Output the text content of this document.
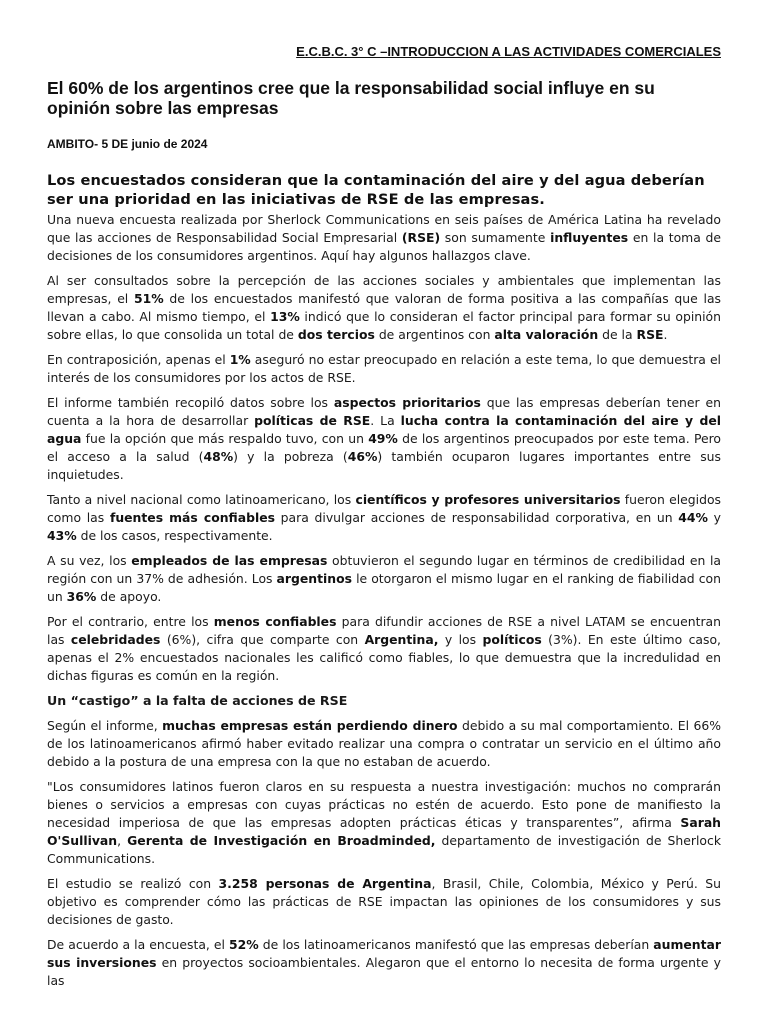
E.C.B.C. 3° C –INTRODUCCION A LAS ACTIVIDADES COMERCIALES
El 60% de los argentinos cree que la responsabilidad social influye en su opinión sobre las empresas
AMBITO- 5 DE junio de 2024
Los encuestados consideran que la contaminación del aire y del agua deberían ser una prioridad en las iniciativas de RSE de las empresas.

Una nueva encuesta realizada por Sherlock Communications en seis países de América Latina ha revelado que las acciones de Responsabilidad Social Empresarial (RSE) son sumamente influyentes en la toma de decisiones de los consumidores argentinos. Aquí hay algunos hallazgos clave.

Al ser consultados sobre la percepción de las acciones sociales y ambientales que implementan las empresas, el 51% de los encuestados manifestó que valoran de forma positiva a las compañías que las llevan a cabo. Al mismo tiempo, el 13% indicó que lo consideran el factor principal para formar su opinión sobre ellas, lo que consolida un total de dos tercios de argentinos con alta valoración de la RSE.

En contraposición, apenas el 1% aseguró no estar preocupado en relación a este tema, lo que demuestra el interés de los consumidores por los actos de RSE.

El informe también recopiló datos sobre los aspectos prioritarios que las empresas deberían tener en cuenta a la hora de desarrollar políticas de RSE. La lucha contra la contaminación del aire y del agua fue la opción que más respaldo tuvo, con un 49% de los argentinos preocupados por este tema. Pero el acceso a la salud (48%) y la pobreza (46%) también ocuparon lugares importantes entre sus inquietudes.

Tanto a nivel nacional como latinoamericano, los científicos y profesores universitarios fueron elegidos como las fuentes más confiables para divulgar acciones de responsabilidad corporativa, en un 44% y 43% de los casos, respectivamente.

A su vez, los empleados de las empresas obtuvieron el segundo lugar en términos de credibilidad en la región con un 37% de adhesión. Los argentinos le otorgaron el mismo lugar en el ranking de fiabilidad con un 36% de apoyo.

Por el contrario, entre los menos confiables para difundir acciones de RSE a nivel LATAM se encuentran las celebridades (6%), cifra que comparte con Argentina, y los políticos (3%). En este último caso, apenas el 2% encuestados nacionales les calificó como fiables, lo que demuestra que la incredulidad en dichas figuras es común en la región.

Un “castigo” a la falta de acciones de RSE

Según el informe, muchas empresas están perdiendo dinero debido a su mal comportamiento. El 66% de los latinoamericanos afirmó haber evitado realizar una compra o contratar un servicio en el último año debido a la postura de una empresa con la que no estaban de acuerdo.

"Los consumidores latinos fueron claros en su respuesta a nuestra investigación: muchos no comprarán bienes o servicios a empresas con cuyas prácticas no estén de acuerdo. Esto pone de manifiesto la necesidad imperiosa de que las empresas adopten prácticas éticas y transparentes”, afirma Sarah O'Sullivan, Gerenta de Investigación en Broadminded, departamento de investigación de Sherlock Communications.

El estudio se realizó con 3.258 personas de Argentina, Brasil, Chile, Colombia, México y Perú. Su objetivo es comprender cómo las prácticas de RSE impactan las opiniones de los consumidores y sus decisiones de gasto.

De acuerdo a la encuesta, el 52% de los latinoamericanos manifestó que las empresas deberían aumentar sus inversiones en proyectos socioambientales. Alegaron que el entorno lo necesita de forma urgente y las
